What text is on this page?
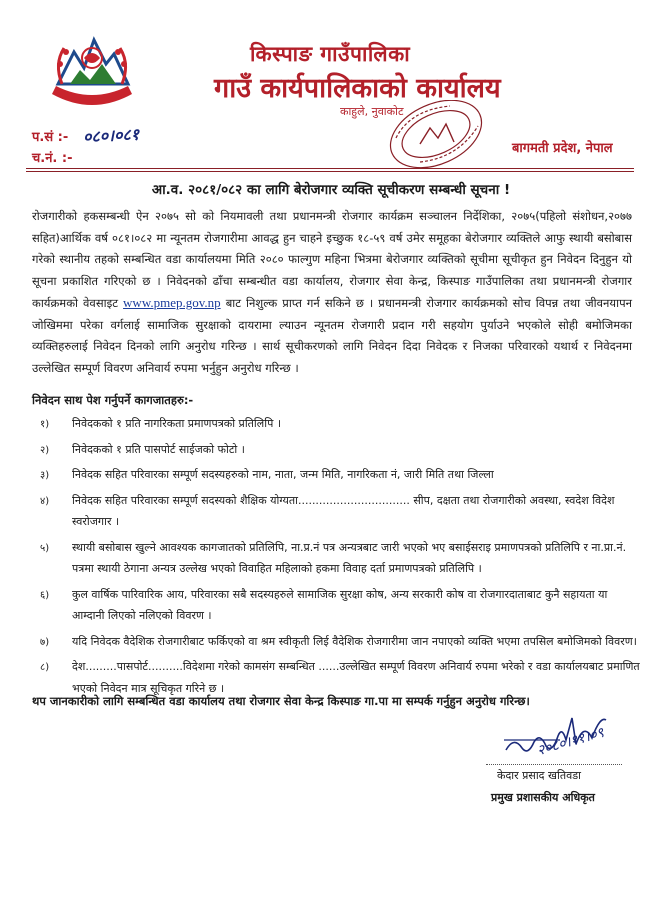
किस्पाङ गाउँपालिका
गाउँ कार्यपालिकाको कार्यालय
काहुले, नुवाकोट
बागमती प्रदेश, नेपाल
प.सं :- ०८०।०८१
च.नं. :-
आ.व. २०८१/०८२ का लागि बेरोजगार व्यक्ति सूचीकरण सम्बन्धी सूचना !

रोजगारीको हकसम्बन्धी ऐन २०७५ सो को नियमावली तथा प्रधानमन्त्री रोजगार कार्यक्रम सञ्चालन निर्देशिका, २०७५(पहिलो संशोधन,२०७७ सहित)आर्थिक वर्ष ०८१।०८२ मा न्यूनतम रोजगारीमा आवद्ध हुन चाहने इच्छुक १८-५९ वर्ष उमेर समूहका बेरोजगार व्यक्तिले आफु स्थायी बसोबास गरेको स्थानीय तहको सम्बन्धित वडा कार्यालयमा मिति २०८० फाल्गुण महिना भित्रमा बेरोजगार व्यक्तिको सूचीमा सूचीकृत हुन निवेदन दिनुहुन यो सूचना प्रकाशित गरिएको छ । निवेदनको ढाँचा सम्बन्धीत वडा कार्यालय, रोजगार सेवा केन्द्र, किस्पाङ गाउँपालिका तथा प्रधानमन्त्री रोजगार कार्यक्रमको वेवसाइट www.pmep.gov.np बाट निशुल्क प्राप्त गर्न सकिने छ । प्रधानमन्त्री रोजगार कार्यक्रमको सोच विपन्न तथा जीवनयापन जोखिममा परेका वर्गलाई सामाजिक सुरक्षाको दायरामा ल्याउन न्यूनतम रोजगारी प्रदान गरी सहयोग पुर्याउने भएकोले सोही बमोजिमका व्यक्तिहरुलाई निवेदन दिनको लागि अनुरोध गरिन्छ । सार्थ सूचीकरणको लागि निवेदन दिदा निवेदक र निजका परिवारको यथार्थ र निवेदनमा उल्लेखित सम्पूर्ण विवरण अनिवार्य रुपमा भर्नुहुन अनुरोध गरिन्छ ।

निवेदन साथ पेश गर्नुपर्ने कागजातहरु:-
१) निवेदकको १ प्रति नागरिकता प्रमाणपत्रको प्रतिलिपि ।
२) निवेदकको १ प्रति पासपोर्ट साईजको फोटो ।
३) निवेदक सहित परिवारका सम्पूर्ण सदस्यहरुको नाम, नाता, जन्म मिति, नागरिकता नं, जारी मिति तथा जिल्ला
४) निवेदक सहित परिवारका सम्पूर्ण सदस्यको शैक्षिक योग्यता................................ सीप, दक्षता तथा रोजगारीको अवस्था, स्वदेश विदेश स्वरोजगार ।
५) स्थायी बसोबास खुल्ने आवश्यक कागजातको प्रतिलिपि, ना.प्र.नं पत्र अन्यत्रबाट जारी भएको भए बसाईसराइ प्रमाणपत्रको प्रतिलिपि र ना.प्रा.नं. पत्रमा स्थायी ठेगाना अन्यत्र उल्लेख भएको विवाहित महिलाको हकमा विवाह दर्ता प्रमाणपत्रको प्रतिलिपि ।
६) कुल वार्षिक पारिवारिक आय, परिवारका सबै सदस्यहरुले सामाजिक सुरक्षा कोष, अन्य सरकारी कोष वा रोजगारदाताबाट कुनै सहायता या आम्दानी लिएको नलिएको विवरण ।
७) यदि निवेदक वैदेशिक रोजगारीबाट फर्किएको वा श्रम स्वीकृती लिई वैदेशिक रोजगारीमा जान नपाएको व्यक्ति भएमा तपसिल बमोजिमको विवरण।
८) देश.........पासपोर्ट..........विदेशमा गरेको कामसंग सम्बन्धित ......उल्लेखित सम्पूर्ण विवरण अनिवार्य रुपमा भरेको र वडा कार्यालयबाट प्रमाणित भएको निवेदन मात्र सूचिकृत गरिने छ ।
थप जानकारीको लागि सम्बन्धित वडा कार्यालय तथा रोजगार सेवा केन्द्र किस्पाङ गा.पा मा सम्पर्क गर्नुहुन अनुरोध गरिन्छ।
२०८०।११।०९
केदार प्रसाद खतिवडा
प्रमुख प्रशासकीय अधिकृत
